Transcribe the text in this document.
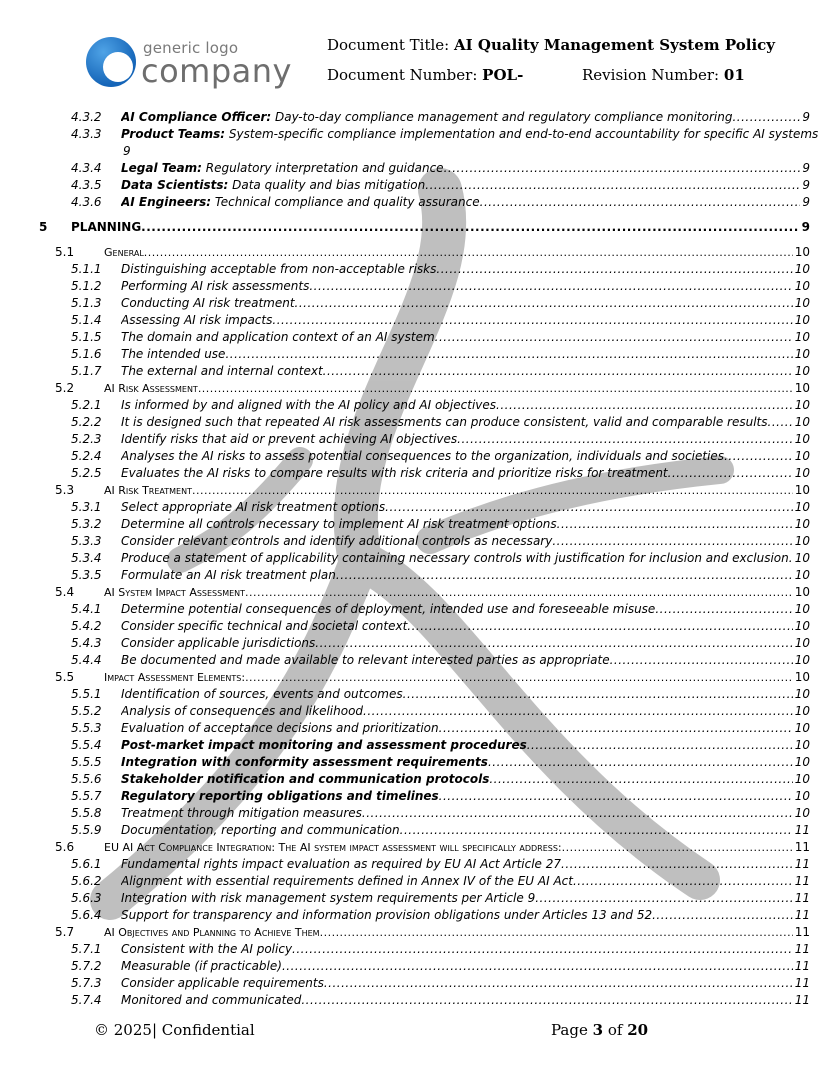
generic logo
company
Document Title: AI Quality Management System Policy
Document Number: POL-	Revision Number: 01
4.3.2 AI Compliance Officer: Day-to-day compliance management and regulatory compliance monitoring .....	9
4.3.3 Product Teams: System-specific compliance implementation and end-to-end accountability for specific AI systems
9
4.3.4 Legal Team: Regulatory interpretation and guidance .....	9
4.3.5 Data Scientists: Data quality and bias mitigation .....	9
4.3.6 AI Engineers: Technical compliance and quality assurance .....	9
5 PLANNING .....	9
5.1	General .....	10
5.1.1 Distinguishing acceptable from non-acceptable risks .....	10
5.1.2 Performing AI risk assessments .....	10
5.1.3 Conducting AI risk treatment .....	10
5.1.4 Assessing AI risk impacts .....	10
5.1.5 The domain and application context of an AI system .....	10
5.1.6 The intended use .....	10
5.1.7 The external and internal context .....	10
5.2	AI Risk Assessment .....	10
5.2.1 Is informed by and aligned with the AI policy and AI objectives .....	10
5.2.2 It is designed such that repeated AI risk assessments can produce consistent, valid and comparable results ..... 10
5.2.3 Identify risks that aid or prevent achieving AI objectives .....	10
5.2.4 Analyses the AI risks to assess potential consequences to the organization, individuals and societies .....	10
5.2.5 Evaluates the AI risks to compare results with risk criteria and prioritize risks for treatment .....	10
5.3	AI Risk Treatment .....	10
5.3.1 Select appropriate AI risk treatment options .....	10
5.3.2 Determine all controls necessary to implement AI risk treatment options .....	10
5.3.3 Consider relevant controls and identify additional controls as necessary .....	10
5.3.4 Produce a statement of applicability containing necessary controls with justification for inclusion and exclusion ..... 10
5.3.5 Formulate an AI risk treatment plan .....	10
5.4	AI System Impact Assessment .....	10
5.4.1 Determine potential consequences of deployment, intended use and foreseeable misuse .....	10
5.4.2 Consider specific technical and societal context .....	10
5.4.3 Consider applicable jurisdictions .....	10
5.4.4 Be documented and made available to relevant interested parties as appropriate .....	10
5.5	Impact Assessment Elements: .....	10
5.5.1 Identification of sources, events and outcomes .....	10
5.5.2 Analysis of consequences and likelihood .....	10
5.5.3 Evaluation of acceptance decisions and prioritization .....	10
5.5.4 Post-market impact monitoring and assessment procedures .....	10
5.5.5 Integration with conformity assessment requirements .....	10
5.5.6 Stakeholder notification and communication protocols .....	10
5.5.7 Regulatory reporting obligations and timelines .....	10
5.5.8 Treatment through mitigation measures .....	10
5.5.9 Documentation, reporting and communication .....	11
5.6	EU AI Act Compliance Integration: The AI system impact assessment will specifically address: .....	11
5.6.1 Fundamental rights impact evaluation as required by EU AI Act Article 27 .....	11
5.6.2 Alignment with essential requirements defined in Annex IV of the EU AI Act .....	11
5.6.3 Integration with risk management system requirements per Article 9 .....	11
5.6.4 Support for transparency and information provision obligations under Articles 13 and 52 .....	11
5.7	AI Objectives and Planning to Achieve Them .....	11
5.7.1 Consistent with the AI policy .....	11
5.7.2 Measurable (if practicable) .....	11
5.7.3 Consider applicable requirements .....	11
5.7.4 Monitored and communicated .....	11
© 2025| Confidential	Page 3 of 20
